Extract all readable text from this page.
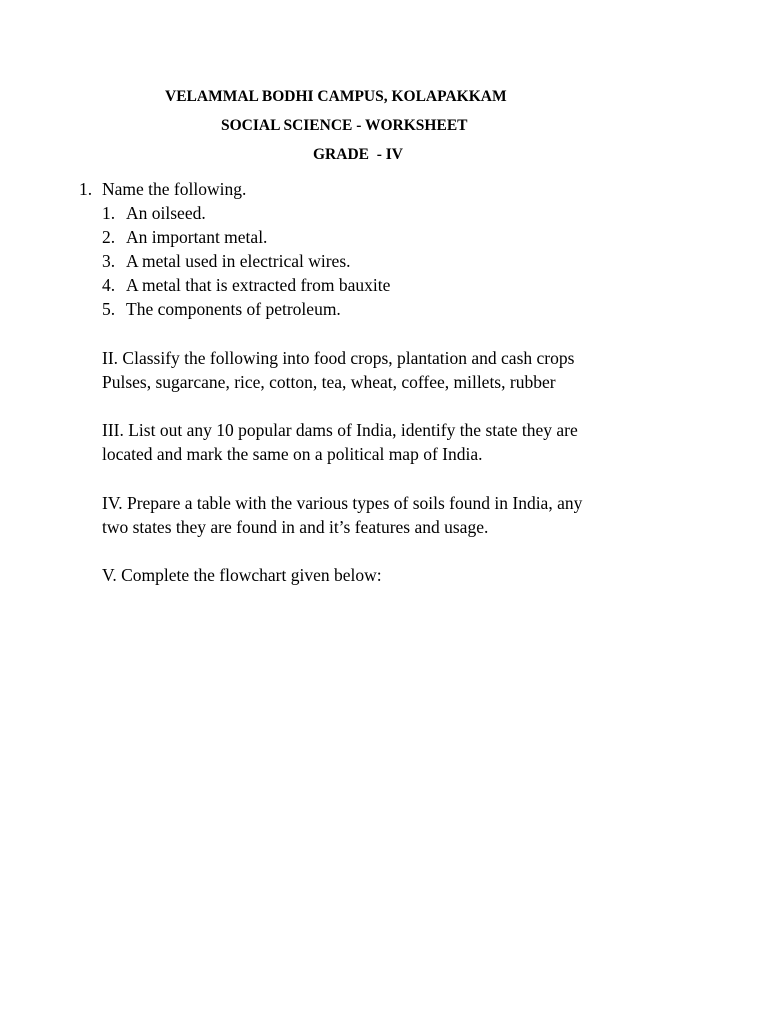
VELAMMAL BODHI CAMPUS, KOLAPAKKAM
SOCIAL SCIENCE - WORKSHEET
GRADE  - IV
1. Name the following.
1. An oilseed.
2. An important metal.
3. A metal used in electrical wires.
4. A metal that is extracted from bauxite
5. The components of petroleum.
II. Classify the following into food crops, plantation and cash crops
Pulses, sugarcane, rice, cotton, tea, wheat, coffee, millets, rubber
III. List out any 10 popular dams of India, identify the state they are
located and mark the same on a political map of India.
IV. Prepare a table with the various types of soils found in India, any
two states they are found in and it’s features and usage.
V. Complete the flowchart given below:
